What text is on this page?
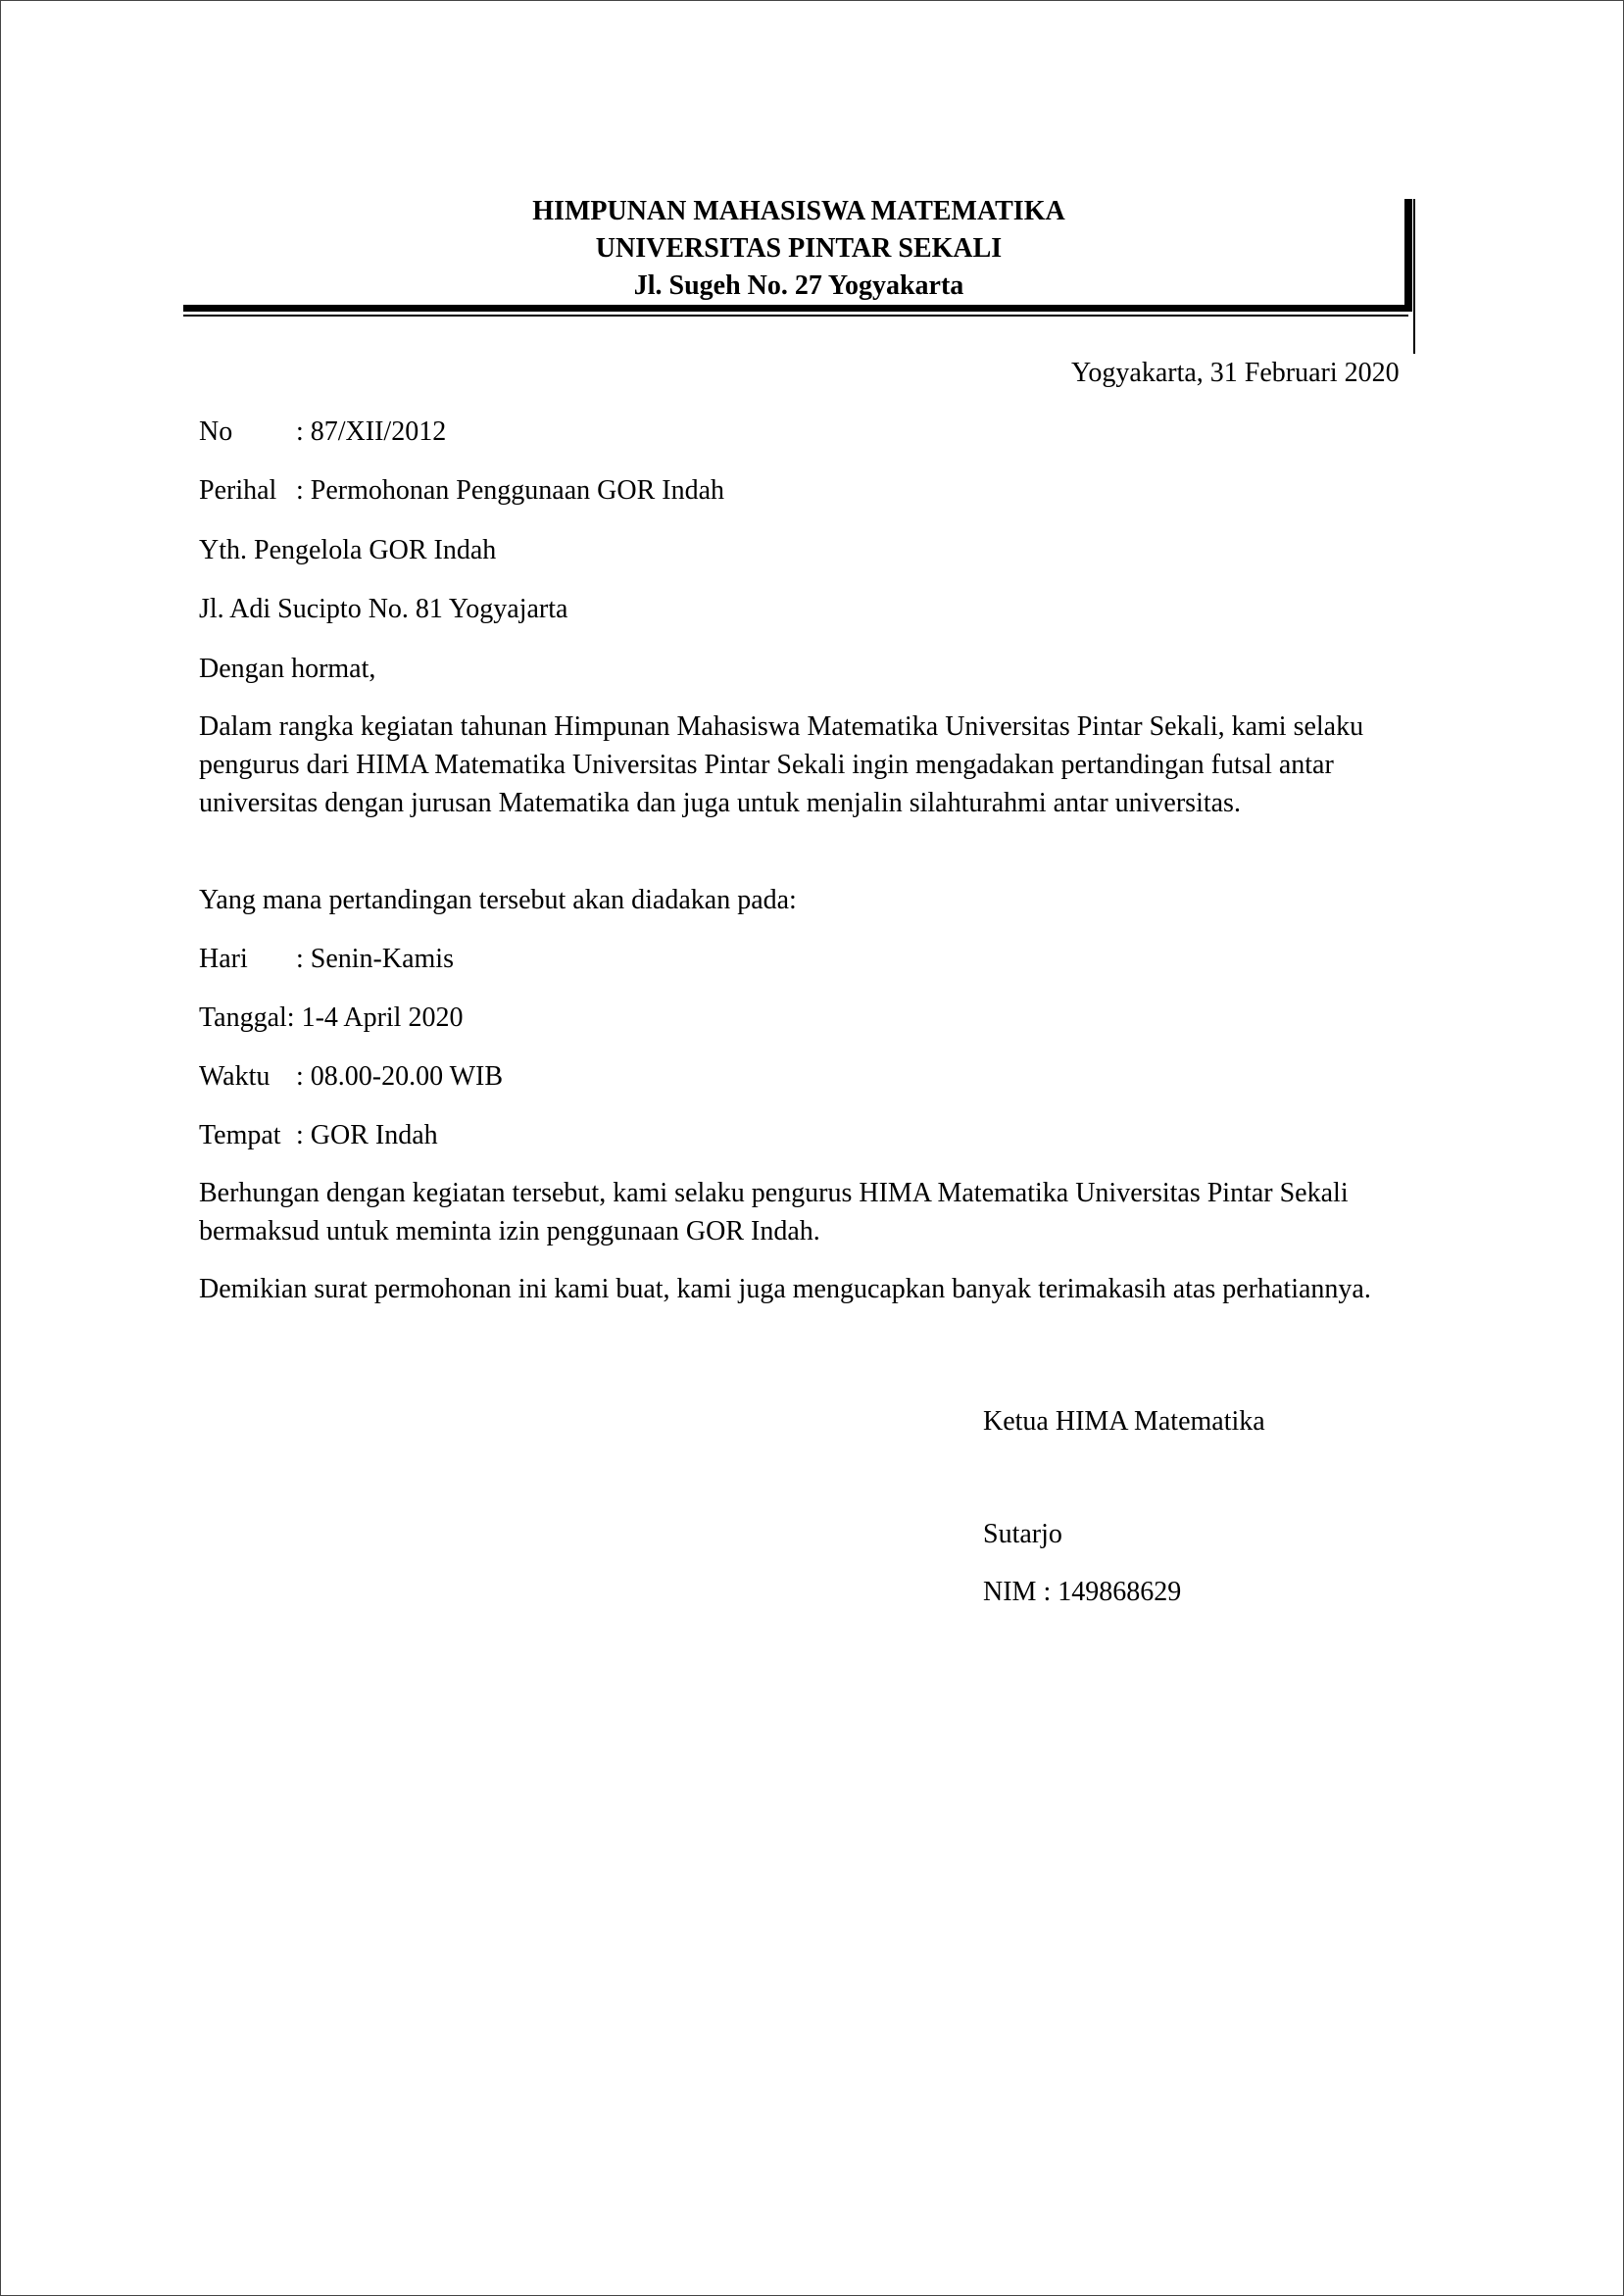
HIMPUNAN MAHASISWA MATEMATIKA
UNIVERSITAS PINTAR SEKALI
Jl. Sugeh No. 27 Yogyakarta
Yogyakarta, 31 Februari 2020
No : 87/XII/2012
Perihal : Permohonan Penggunaan GOR Indah
Yth. Pengelola GOR Indah
Jl. Adi Sucipto No. 81 Yogyajarta
Dengan hormat,
Dalam rangka kegiatan tahunan Himpunan Mahasiswa Matematika Universitas Pintar Sekali, kami selaku pengurus dari HIMA Matematika Universitas Pintar Sekali ingin mengadakan pertandingan futsal antar universitas dengan jurusan Matematika dan juga untuk menjalin silahturahmi antar universitas.
Yang mana pertandingan tersebut akan diadakan pada:
Hari : Senin-Kamis
Tanggal: 1-4 April 2020
Waktu : 08.00-20.00 WIB
Tempat : GOR Indah
Berhungan dengan kegiatan tersebut, kami selaku pengurus HIMA Matematika Universitas Pintar Sekali bermaksud untuk meminta izin penggunaan GOR Indah.
Demikian surat permohonan ini kami buat, kami juga mengucapkan banyak terimakasih atas perhatiannya.
Ketua HIMA Matematika
Sutarjo
NIM : 149868629
